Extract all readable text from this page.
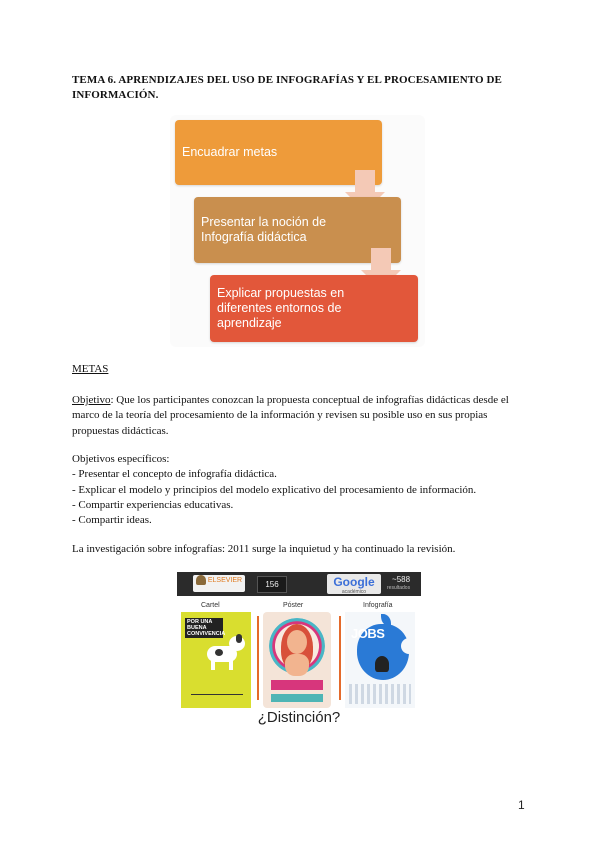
TEMA 6. APRENDIZAJES DEL USO DE INFOGRAFÍAS Y EL PROCESAMIENTO DE
INFORMACIÓN.
Encuadrar metas
Presentar la noción de
Infografía didáctica
Explicar propuestas en
diferentes entornos de
aprendizaje
METAS
Objetivo: Que los participantes conozcan la propuesta conceptual de infografías didácticas desde el
marco de la teoría del procesamiento de la información y revisen su posible uso en sus propias
propuestas didácticas.
Objetivos específicos:
- Presentar el concepto de infografía didáctica.
- Explicar el modelo y principios del modelo explicativo del procesamiento de información.
- Compartir experiencias educativas.
- Compartir ideas.
La investigación sobre infografías: 2011 surge la inquietud y ha continuado la revisión.
ELSEVIER	156	Google
académico
~588
resultados
Cartel	Póster	Infografía
POR UNA BUENA CONVIVENCIA	JOBS
¿Distinción?
1
